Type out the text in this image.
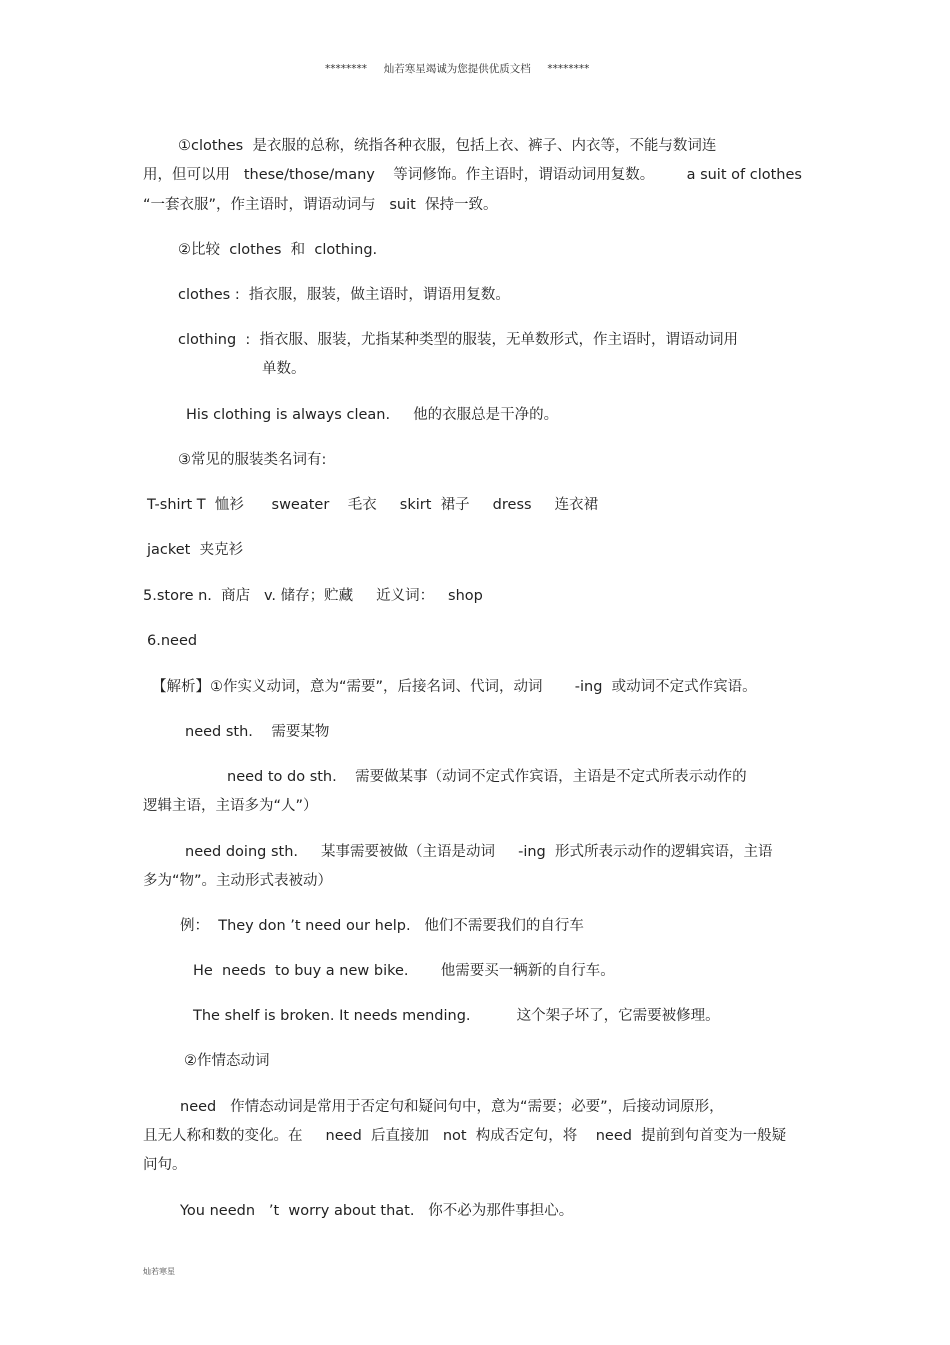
********     灿若寒星竭诚为您提供优质文档     ********
①clothes  是衣服的总称，统指各种衣服，包括上衣、裤子、内衣等，不能与数词连
用，但可以用   these/those/many    等词修饰。作主语时，谓语动词用复数。       a suit of clothes
“一套衣服”，作主语时，谓语动词与   suit  保持一致。
②比较  clothes  和  clothing.
clothes :  指衣服，服装，做主语时，谓语用复数。
clothing  :  指衣服、服装，尤指某种类型的服装，无单数形式，作主语时，谓语动词用
单数。
His clothing is always clean.     他的衣服总是干净的。
③常见的服装类名词有:
T-shirt T  恤衫      sweater    毛衣     skirt  裙子     dress     连衣裙
jacket  夹克衫
5.store n.  商店   v. 储存；贮藏     近义词：   shop
6.need
【解析】①作实义动词，意为“需要”，后接名词、代词，动词       -ing  或动词不定式作宾语。
need sth.    需要某物
need to do sth.    需要做某事（动词不定式作宾语，主语是不定式所表示动作的
逻辑主语，主语多为“人”）
need doing sth.     某事需要被做（主语是动词     -ing  形式所表示动作的逻辑宾语，主语
多为“物”。主动形式表被动）
例：  They don ’t need our help.   他们不需要我们的自行车
He  needs  to buy a new bike.       他需要买一辆新的自行车。
The shelf is broken. It needs mending.          这个架子坏了，它需要被修理。
②作情态动词
need   作情态动词是常用于否定句和疑问句中，意为“需要；必要”，后接动词原形，
且无人称和数的变化。在     need  后直接加   not  构成否定句，将    need  提前到句首变为一般疑
问句。
You needn   ’t  worry about that.   你不必为那件事担心。
灿若寒星
